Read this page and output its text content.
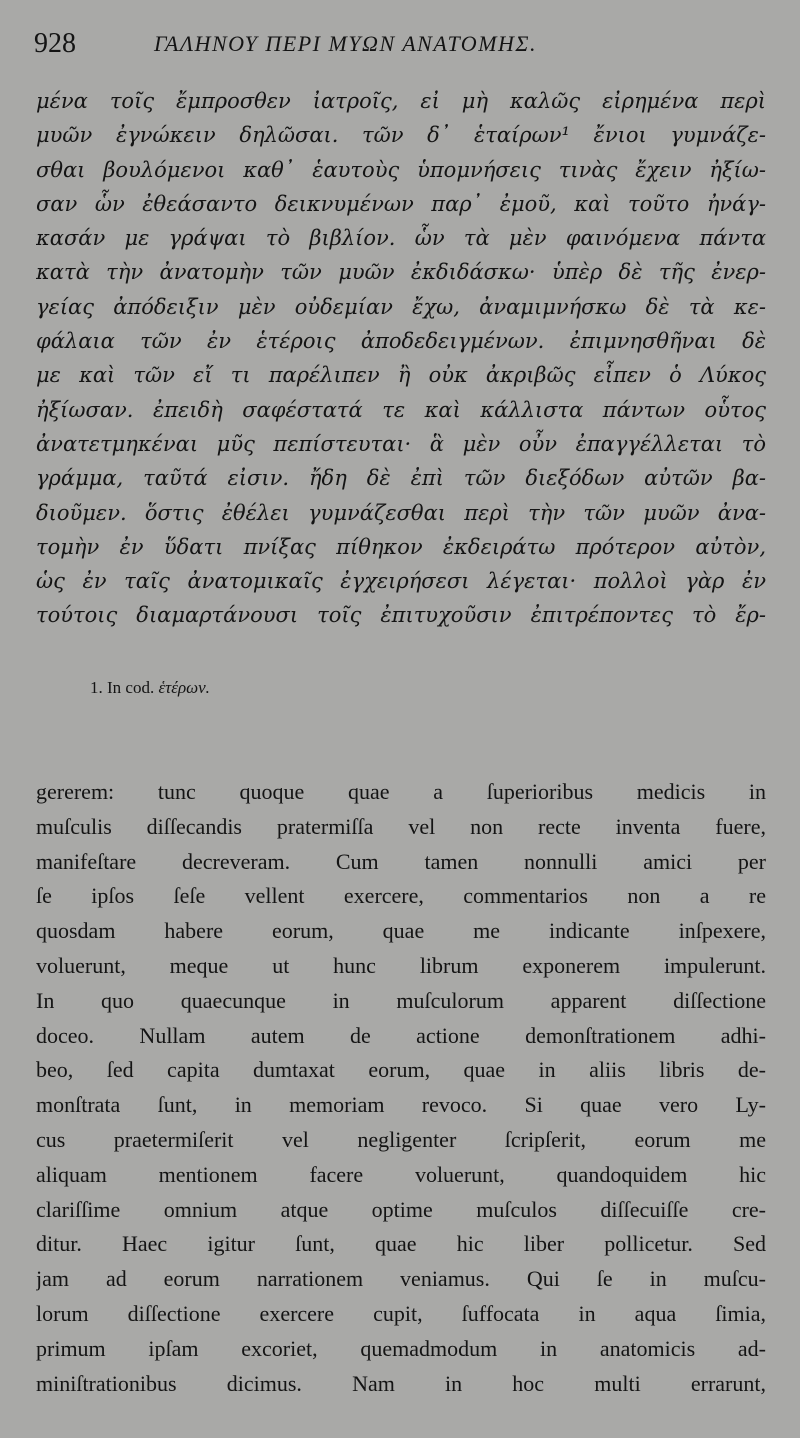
928	ΓΑΛΗΝΟΥ ΠΕΡΙ ΜΥΩΝ ΑΝΑΤΟΜΗΣ.
μένα τοῖς ἔμπροσθεν ἰατροῖς, εἰ μὴ καλῶς εἰρημένα περὶ
μυῶν ἐγνώκειν δηλῶσαι. τῶν δ᾽ ἑταίρων¹ ἔνιοι γυμνάζε-
σθαι βουλόμενοι καθ᾽ ἑαυτοὺς ὑπομνήσεις τινὰς ἔχειν ἠξίω-
σαν ὧν ἐθεάσαντο δεικνυμένων παρ᾽ ἐμοῦ, καὶ τοῦτο ἠνάγ-
κασάν με γράψαι τὸ βιβλίον. ὧν τὰ μὲν φαινόμενα πάντα
κατὰ τὴν ἀνατομὴν τῶν μυῶν ἐκδιδάσκω· ὑπὲρ δὲ τῆς ἐνερ-
γείας ἀπόδειξιν μὲν οὐδεμίαν ἔχω, ἀναμιμνήσκω δὲ τὰ κε-
φάλαια τῶν ἐν ἑτέροις ἀποδεδειγμένων. ἐπιμνησθῆναι δὲ
με καὶ τῶν εἴ τι παρέλιπεν ἢ οὐκ ἀκριβῶς εἶπεν ὁ Λύκος
ἠξίωσαν. ἐπειδὴ σαφέστατά τε καὶ κάλλιστα πάντων οὗτος
ἀνατετμηκέναι μῦς πεπίστευται· ἃ μὲν οὖν ἐπαγγέλλεται τὸ
γράμμα, ταῦτά εἰσιν. ἤδη δὲ ἐπὶ τῶν διεξόδων αὐτῶν βα-
διοῦμεν. ὅστις ἐθέλει γυμνάζεσθαι περὶ τὴν τῶν μυῶν ἀνα-
τομὴν ἐν ὕδατι πνίξας πίθηκον ἐκδειράτω πρότερον αὐτὸν,
ὡς ἐν ταῖς ἀνατομικαῖς ἐγχειρήσεσι λέγεται· πολλοὶ γὰρ ἐν
τούτοις διαμαρτάνουσι τοῖς ἐπιτυχοῦσιν ἐπιτρέποντες τὸ ἔρ-
1. In cod. ἑτέρων.
gererem: tunc quoque quae a ſuperioribus medicis in
muſculis diſſecandis pratermiſſa vel non recte inventa fuere,
manifeſtare decreveram. Cum tamen nonnulli amici per
ſe ipſos ſeſe vellent exercere, commentarios non a re
quosdam habere eorum, quae me indicante inſpexere,
voluerunt, meque ut hunc librum exponerem impulerunt.
In quo quaecunque in muſculorum apparent diſſectione
doceo. Nullam autem de actione demonſtrationem adhi-
beo, ſed capita dumtaxat eorum, quae in aliis libris de-
monſtrata ſunt, in memoriam revoco. Si quae vero Ly-
cus praetermiſerit vel negligenter ſcripſerit, eorum me
aliquam mentionem facere voluerunt, quandoquidem hic
clariſſime omnium atque optime muſculos diſſecuiſſe cre-
ditur. Haec igitur ſunt, quae hic liber pollicetur. Sed
jam ad eorum narrationem veniamus. Qui ſe in muſcu-
lorum diſſectione exercere cupit, ſuffocata in aqua ſimia,
primum ipſam excoriet, quemadmodum in anatomicis ad-
miniſtrationibus dicimus. Nam in hoc multi errarunt,
